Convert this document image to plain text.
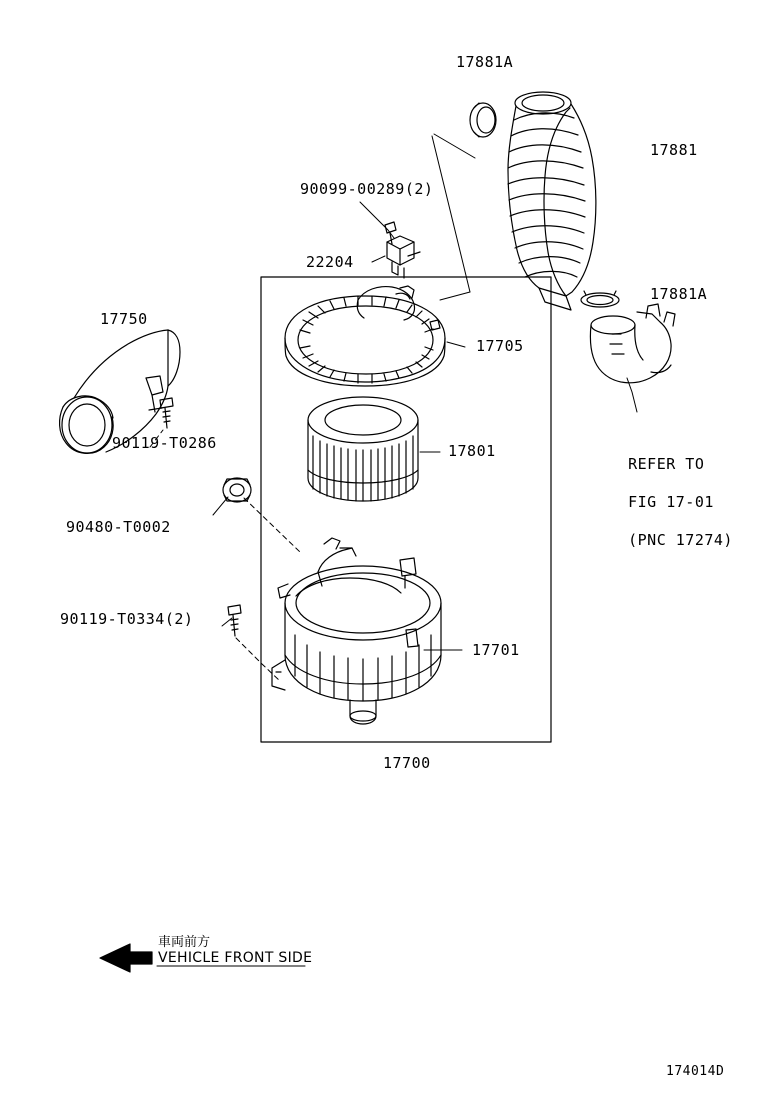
17881A
17881
90099-00289(2)
22204
17881A
17750
17705
17801
90119-T0286
90480-T0002
90119-T0334(2)
17701
17700

REFER TO

FIG 17-01

(PNC 17274)

車両前方
VEHICLE FRONT SIDE
174014D
